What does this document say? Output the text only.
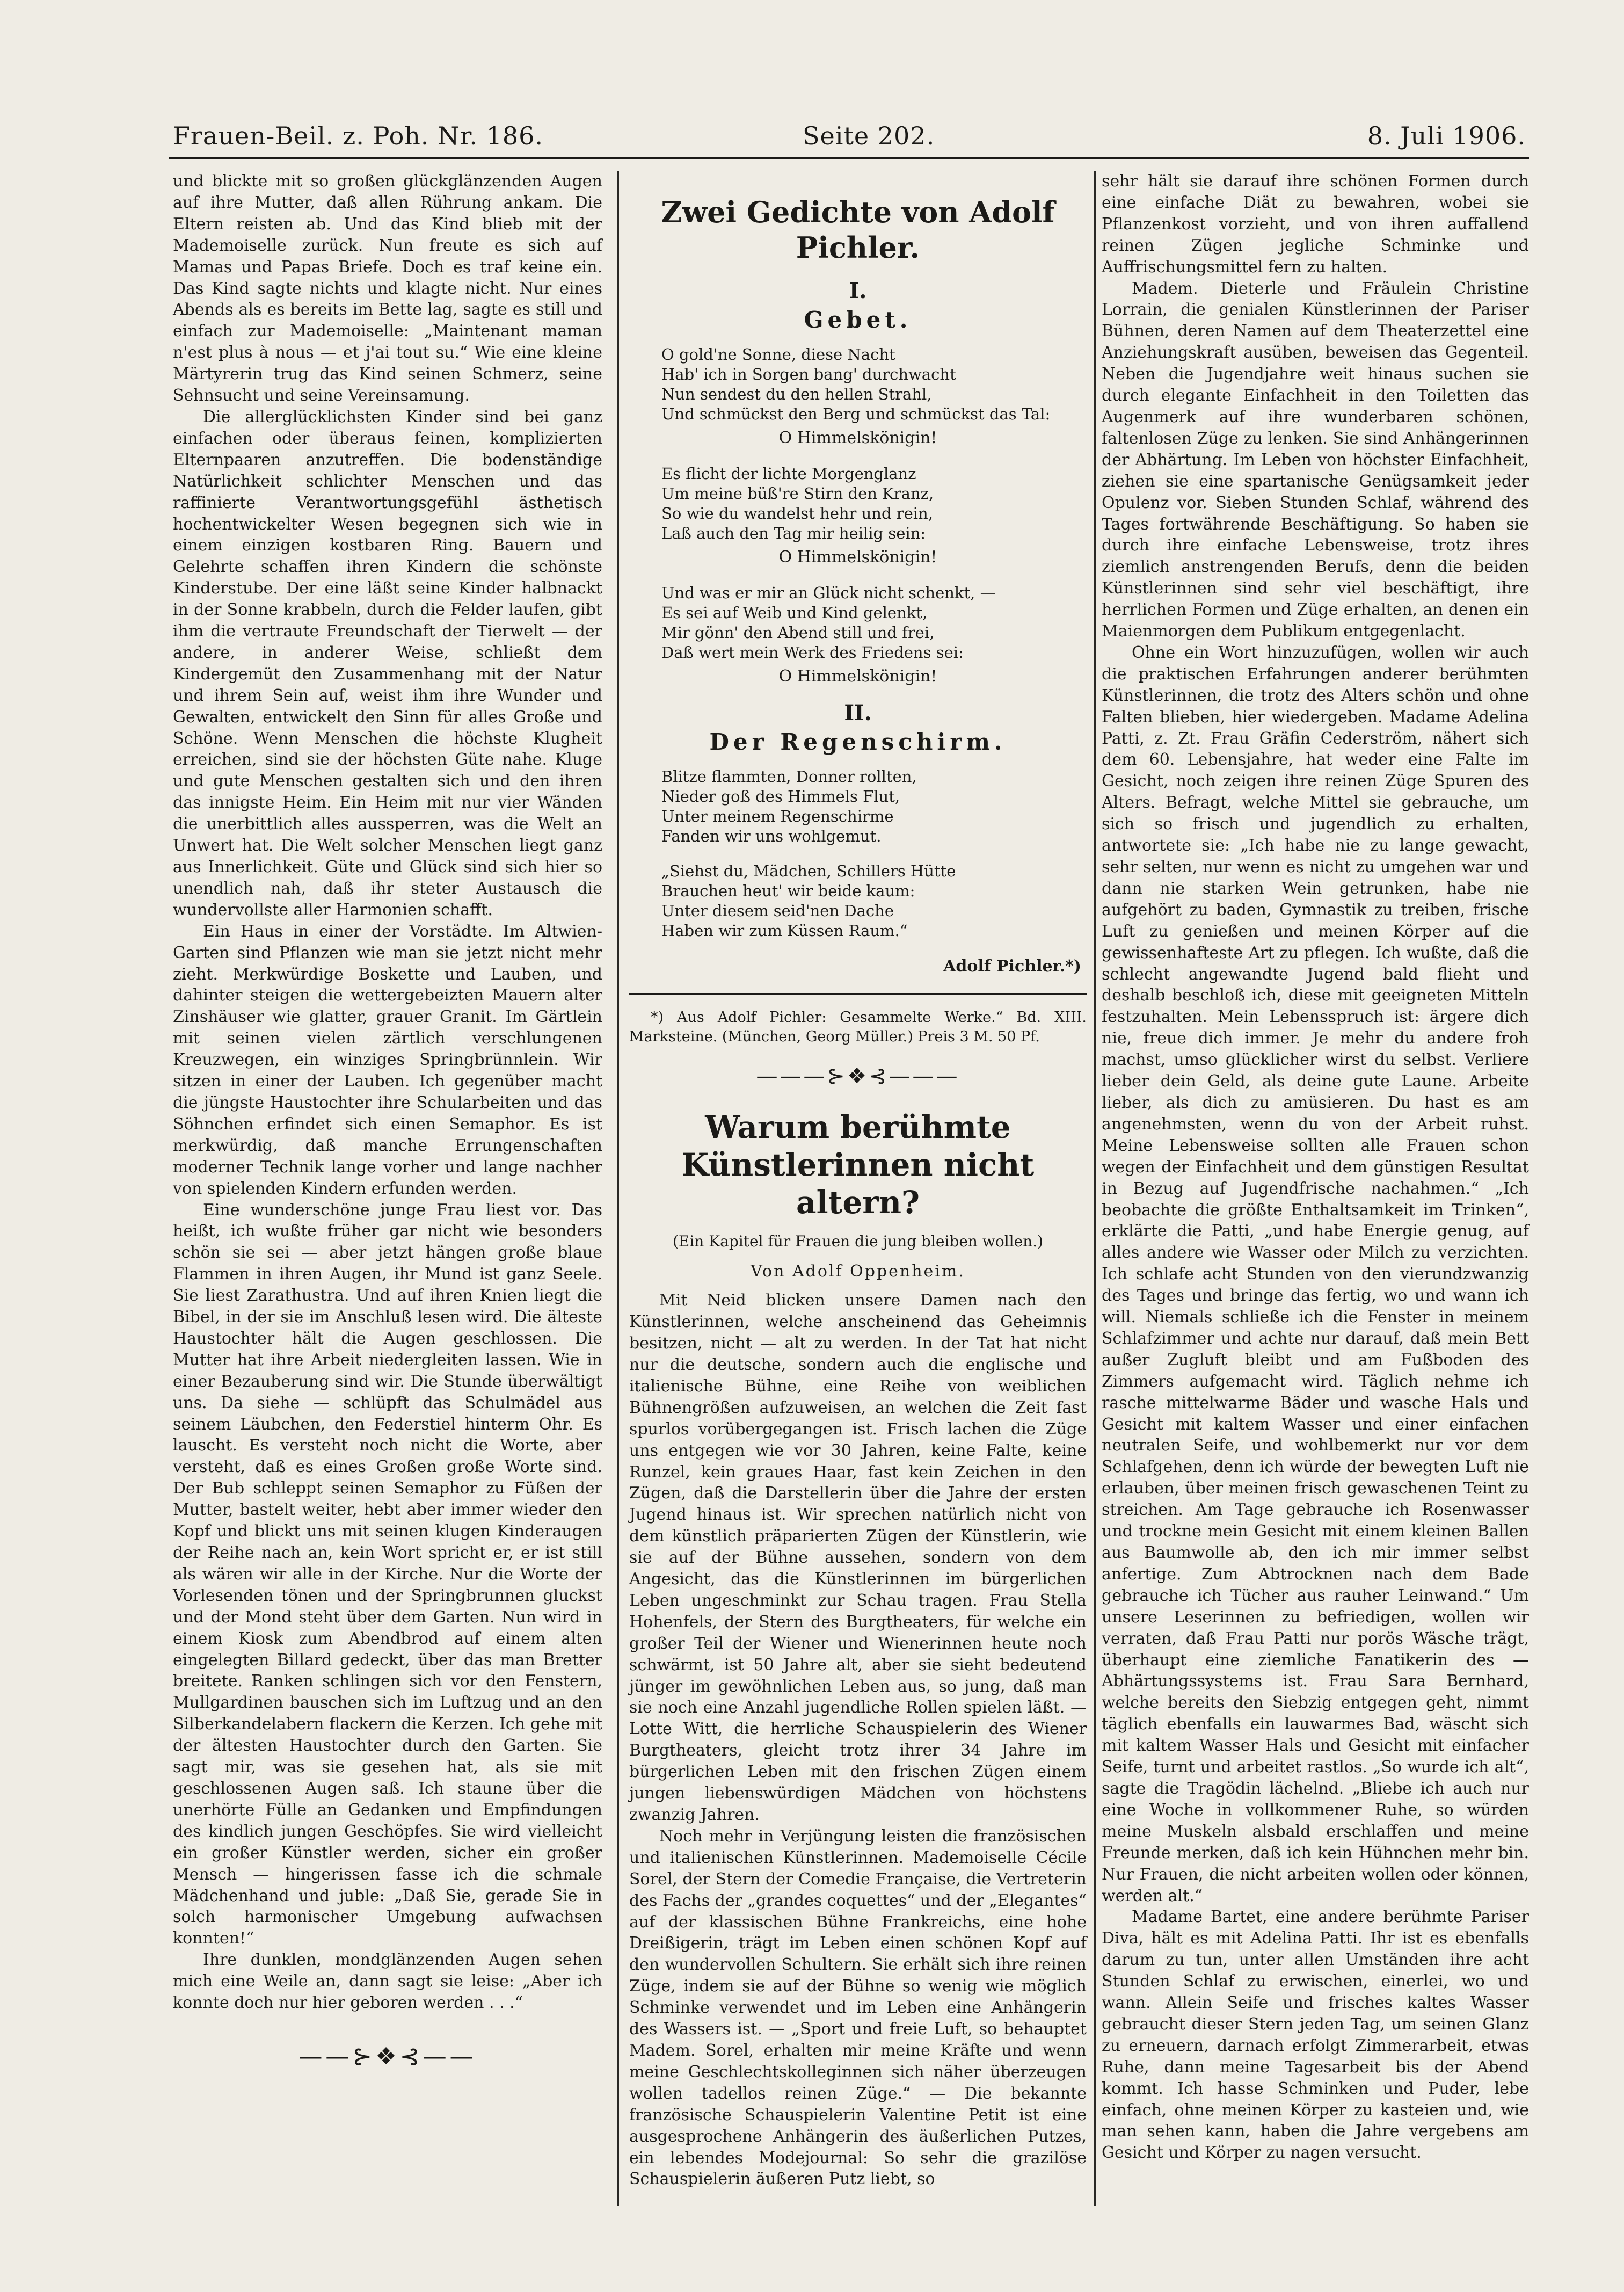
Frauen-Beil. z. Poh. Nr. 186.	Seite 202.	8. Juli 1906.

und blickte mit so großen glückglänzenden Augen auf ihre Mutter, daß allen Rührung ankam. Die Eltern reisten ab. Und das Kind blieb mit der Mademoiselle zurück. Nun freute es sich auf Mamas und Papas Briefe. Doch es traf keine ein. Das Kind sagte nichts und klagte nicht. Nur eines Abends als es bereits im Bette lag, sagte es still und einfach zur Mademoiselle: „Maintenant maman n'est plus à nous — et j'ai tout su.“ Wie eine kleine Märtyrerin trug das Kind seinen Schmerz, seine Sehnsucht und seine Vereinsamung.

Die allerglücklichsten Kinder sind bei ganz einfachen oder überaus feinen, komplizierten Elternpaaren anzutreffen. Die bodenständige Natürlichkeit schlichter Menschen und das raffinierte Verantwortungsgefühl ästhetisch hochentwickelter Wesen begegnen sich wie in einem einzigen kostbaren Ring. Bauern und Gelehrte schaffen ihren Kindern die schönste Kinderstube. Der eine läßt seine Kinder halbnackt in der Sonne krabbeln, durch die Felder laufen, gibt ihm die vertraute Freundschaft der Tierwelt — der andere, in anderer Weise, schließt dem Kindergemüt den Zusammenhang mit der Natur und ihrem Sein auf, weist ihm ihre Wunder und Gewalten, entwickelt den Sinn für alles Große und Schöne. Wenn Menschen die höchste Klugheit erreichen, sind sie der höchsten Güte nahe. Kluge und gute Menschen gestalten sich und den ihren das innigste Heim. Ein Heim mit nur vier Wänden die unerbittlich alles aussperren, was die Welt an Unwert hat. Die Welt solcher Menschen liegt ganz aus Innerlichkeit. Güte und Glück sind sich hier so unendlich nah, daß ihr steter Austausch die wundervollste aller Harmonien schafft.

Ein Haus in einer der Vorstädte. Im Altwien-Garten sind Pflanzen wie man sie jetzt nicht mehr zieht. Merkwürdige Boskette und Lauben, und dahinter steigen die wettergebeizten Mauern alter Zinshäuser wie glatter, grauer Granit. Im Gärtlein mit seinen vielen zärtlich verschlungenen Kreuzwegen, ein winziges Springbrünnlein. Wir sitzen in einer der Lauben. Ich gegenüber macht die jüngste Haustochter ihre Schularbeiten und das Söhnchen erfindet sich einen Semaphor. Es ist merkwürdig, daß manche Errungenschaften moderner Technik lange vorher und lange nachher von spielenden Kindern erfunden werden.

Eine wunderschöne junge Frau liest vor. Das heißt, ich wußte früher gar nicht wie besonders schön sie sei — aber jetzt hängen große blaue Flammen in ihren Augen, ihr Mund ist ganz Seele. Sie liest Zarathustra. Und auf ihren Knien liegt die Bibel, in der sie im Anschluß lesen wird. Die älteste Haustochter hält die Augen geschlossen. Die Mutter hat ihre Arbeit niedergleiten lassen. Wie in einer Bezauberung sind wir. Die Stunde überwältigt uns. Da siehe — schlüpft das Schulmädel aus seinem Läubchen, den Federstiel hinterm Ohr. Es lauscht. Es versteht noch nicht die Worte, aber versteht, daß es eines Großen große Worte sind. Der Bub schleppt seinen Semaphor zu Füßen der Mutter, bastelt weiter, hebt aber immer wieder den Kopf und blickt uns mit seinen klugen Kinderaugen der Reihe nach an, kein Wort spricht er, er ist still als wären wir alle in der Kirche. Nur die Worte der Vorlesenden tönen und der Springbrunnen gluckst und der Mond steht über dem Garten. Nun wird in einem Kiosk zum Abendbrod auf einem alten eingelegten Billard gedeckt, über das man Bretter breitete. Ranken schlingen sich vor den Fenstern, Mullgardinen bauschen sich im Luftzug und an den Silberkandelabern flackern die Kerzen. Ich gehe mit der ältesten Haustochter durch den Garten. Sie sagt mir, was sie gesehen hat, als sie mit geschlossenen Augen saß. Ich staune über die unerhörte Fülle an Gedanken und Empfindungen des kindlich jungen Geschöpfes. Sie wird vielleicht ein großer Künstler werden, sicher ein großer Mensch — hingerissen fasse ich die schmale Mädchenhand und juble: „Daß Sie, gerade Sie in solch harmonischer Umgebung aufwachsen konnten!“

Ihre dunklen, mondglänzenden Augen sehen mich eine Weile an, dann sagt sie leise: „Aber ich konnte doch nur hier geboren werden . . .“

——⊱❖⊰——
Zwei Gedichte von Adolf Pichler.
I.
Gebet.
O gold'ne Sonne, diese Nacht
Hab' ich in Sorgen bang' durchwacht
Nun sendest du den hellen Strahl,
Und schmückst den Berg und schmückst das Tal:
O Himmelskönigin!
Es flicht der lichte Morgenglanz
Um meine büß're Stirn den Kranz,
So wie du wandelst hehr und rein,
Laß auch den Tag mir heilig sein:
O Himmelskönigin!
Und was er mir an Glück nicht schenkt, —
Es sei auf Weib und Kind gelenkt,
Mir gönn' den Abend still und frei,
Daß wert mein Werk des Friedens sei:
O Himmelskönigin!
II.
Der Regenschirm.
Blitze flammten, Donner rollten,
Nieder goß des Himmels Flut,
Unter meinem Regenschirme
Fanden wir uns wohlgemut.
„Siehst du, Mädchen, Schillers Hütte
Brauchen heut' wir beide kaum:
Unter diesem seid'nen Dache
Haben wir zum Küssen Raum.“
Adolf Pichler.*)

*) Aus Adolf Pichler: Gesammelte Werke.“ Bd. XIII. Marksteine. (München, Georg Müller.) Preis 3 M. 50 Pf.

———⊱❖⊰———
Warum berühmte Künstlerinnen nicht altern?
(Ein Kapitel für Frauen die jung bleiben wollen.)
Von Adolf Oppenheim.

Mit Neid blicken unsere Damen nach den Künstlerinnen, welche anscheinend das Geheimnis besitzen, nicht — alt zu werden. In der Tat hat nicht nur die deutsche, sondern auch die englische und italienische Bühne, eine Reihe von weiblichen Bühnengrößen aufzuweisen, an welchen die Zeit fast spurlos vorübergegangen ist. Frisch lachen die Züge uns entgegen wie vor 30 Jahren, keine Falte, keine Runzel, kein graues Haar, fast kein Zeichen in den Zügen, daß die Darstellerin über die Jahre der ersten Jugend hinaus ist. Wir sprechen natürlich nicht von dem künstlich präparierten Zügen der Künstlerin, wie sie auf der Bühne aussehen, sondern von dem Angesicht, das die Künstlerinnen im bürgerlichen Leben ungeschminkt zur Schau tragen. Frau Stella Hohenfels, der Stern des Burgtheaters, für welche ein großer Teil der Wiener und Wienerinnen heute noch schwärmt, ist 50 Jahre alt, aber sie sieht bedeutend jünger im gewöhnlichen Leben aus, so jung, daß man sie noch eine Anzahl jugendliche Rollen spielen läßt. — Lotte Witt, die herrliche Schauspielerin des Wiener Burgtheaters, gleicht trotz ihrer 34 Jahre im bürgerlichen Leben mit den frischen Zügen einem jungen liebenswürdigen Mädchen von höchstens zwanzig Jahren.

Noch mehr in Verjüngung leisten die französischen und italienischen Künstlerinnen. Mademoiselle Cécile Sorel, der Stern der Comedie Française, die Vertreterin des Fachs der „grandes coquettes“ und der „Elegantes“ auf der klassischen Bühne Frankreichs, eine hohe Dreißigerin, trägt im Leben einen schönen Kopf auf den wundervollen Schultern. Sie erhält sich ihre reinen Züge, indem sie auf der Bühne so wenig wie möglich Schminke verwendet und im Leben eine Anhängerin des Wassers ist. — „Sport und freie Luft, so behauptet Madem. Sorel, erhalten mir meine Kräfte und wenn meine Geschlechtskolleginnen sich näher überzeugen wollen tadellos reinen Züge.“ — Die bekannte französische Schauspielerin Valentine Petit ist eine ausgesprochene Anhängerin des äußerlichen Putzes, ein lebendes Modejournal: So sehr die grazilöse Schauspielerin äußeren Putz liebt, so

sehr hält sie darauf ihre schönen Formen durch eine einfache Diät zu bewahren, wobei sie Pflanzenkost vorzieht, und von ihren auffallend reinen Zügen jegliche Schminke und Auffrischungsmittel fern zu halten.

Madem. Dieterle und Fräulein Christine Lorrain, die genialen Künstlerinnen der Pariser Bühnen, deren Namen auf dem Theaterzettel eine Anziehungskraft ausüben, beweisen das Gegenteil. Neben die Jugendjahre weit hinaus suchen sie durch elegante Einfachheit in den Toiletten das Augenmerk auf ihre wunderbaren schönen, faltenlosen Züge zu lenken. Sie sind Anhängerinnen der Abhärtung. Im Leben von höchster Einfachheit, ziehen sie eine spartanische Genügsamkeit jeder Opulenz vor. Sieben Stunden Schlaf, während des Tages fortwährende Beschäftigung. So haben sie durch ihre einfache Lebensweise, trotz ihres ziemlich anstrengenden Berufs, denn die beiden Künstlerinnen sind sehr viel beschäftigt, ihre herrlichen Formen und Züge erhalten, an denen ein Maienmorgen dem Publikum entgegenlacht.

Ohne ein Wort hinzuzufügen, wollen wir auch die praktischen Erfahrungen anderer berühmten Künstlerinnen, die trotz des Alters schön und ohne Falten blieben, hier wiedergeben. Madame Adelina Patti, z. Zt. Frau Gräfin Cederström, nähert sich dem 60. Lebensjahre, hat weder eine Falte im Gesicht, noch zeigen ihre reinen Züge Spuren des Alters. Befragt, welche Mittel sie gebrauche, um sich so frisch und jugendlich zu erhalten, antwortete sie: „Ich habe nie zu lange gewacht, sehr selten, nur wenn es nicht zu umgehen war und dann nie starken Wein getrunken, habe nie aufgehört zu baden, Gymnastik zu treiben, frische Luft zu genießen und meinen Körper auf die gewissenhafteste Art zu pflegen. Ich wußte, daß die schlecht angewandte Jugend bald flieht und deshalb beschloß ich, diese mit geeigneten Mitteln festzuhalten. Mein Lebensspruch ist: ärgere dich nie, freue dich immer. Je mehr du andere froh machst, umso glücklicher wirst du selbst. Verliere lieber dein Geld, als deine gute Laune. Arbeite lieber, als dich zu amüsieren. Du hast es am angenehmsten, wenn du von der Arbeit ruhst. Meine Lebensweise sollten alle Frauen schon wegen der Einfachheit und dem günstigen Resultat in Bezug auf Jugendfrische nachahmen.“ „Ich beobachte die größte Enthaltsamkeit im Trinken“, erklärte die Patti, „und habe Energie genug, auf alles andere wie Wasser oder Milch zu verzichten. Ich schlafe acht Stunden von den vierundzwanzig des Tages und bringe das fertig, wo und wann ich will. Niemals schließe ich die Fenster in meinem Schlafzimmer und achte nur darauf, daß mein Bett außer Zugluft bleibt und am Fußboden des Zimmers aufgemacht wird. Täglich nehme ich rasche mittelwarme Bäder und wasche Hals und Gesicht mit kaltem Wasser und einer einfachen neutralen Seife, und wohlbemerkt nur vor dem Schlafgehen, denn ich würde der bewegten Luft nie erlauben, über meinen frisch gewaschenen Teint zu streichen. Am Tage gebrauche ich Rosenwasser und trockne mein Gesicht mit einem kleinen Ballen aus Baumwolle ab, den ich mir immer selbst anfertige. Zum Abtrocknen nach dem Bade gebrauche ich Tücher aus rauher Leinwand.“ Um unsere Leserinnen zu befriedigen, wollen wir verraten, daß Frau Patti nur porös Wäsche trägt, überhaupt eine ziemliche Fanatikerin des — Abhärtungssystems ist. Frau Sara Bernhard, welche bereits den Siebzig entgegen geht, nimmt täglich ebenfalls ein lauwarmes Bad, wäscht sich mit kaltem Wasser Hals und Gesicht mit einfacher Seife, turnt und arbeitet rastlos. „So wurde ich alt“, sagte die Tragödin lächelnd. „Bliebe ich auch nur eine Woche in vollkommener Ruhe, so würden meine Muskeln alsbald erschlaffen und meine Freunde merken, daß ich kein Hühnchen mehr bin. Nur Frauen, die nicht arbeiten wollen oder können, werden alt.“

Madame Bartet, eine andere berühmte Pariser Diva, hält es mit Adelina Patti. Ihr ist es ebenfalls darum zu tun, unter allen Umständen ihre acht Stunden Schlaf zu erwischen, einerlei, wo und wann. Allein Seife und frisches kaltes Wasser gebraucht dieser Stern jeden Tag, um seinen Glanz zu erneuern, darnach erfolgt Zimmerarbeit, etwas Ruhe, dann meine Tagesarbeit bis der Abend kommt. Ich hasse Schminken und Puder, lebe einfach, ohne meinen Körper zu kasteien und, wie man sehen kann, haben die Jahre vergebens am Gesicht und Körper zu nagen versucht.
